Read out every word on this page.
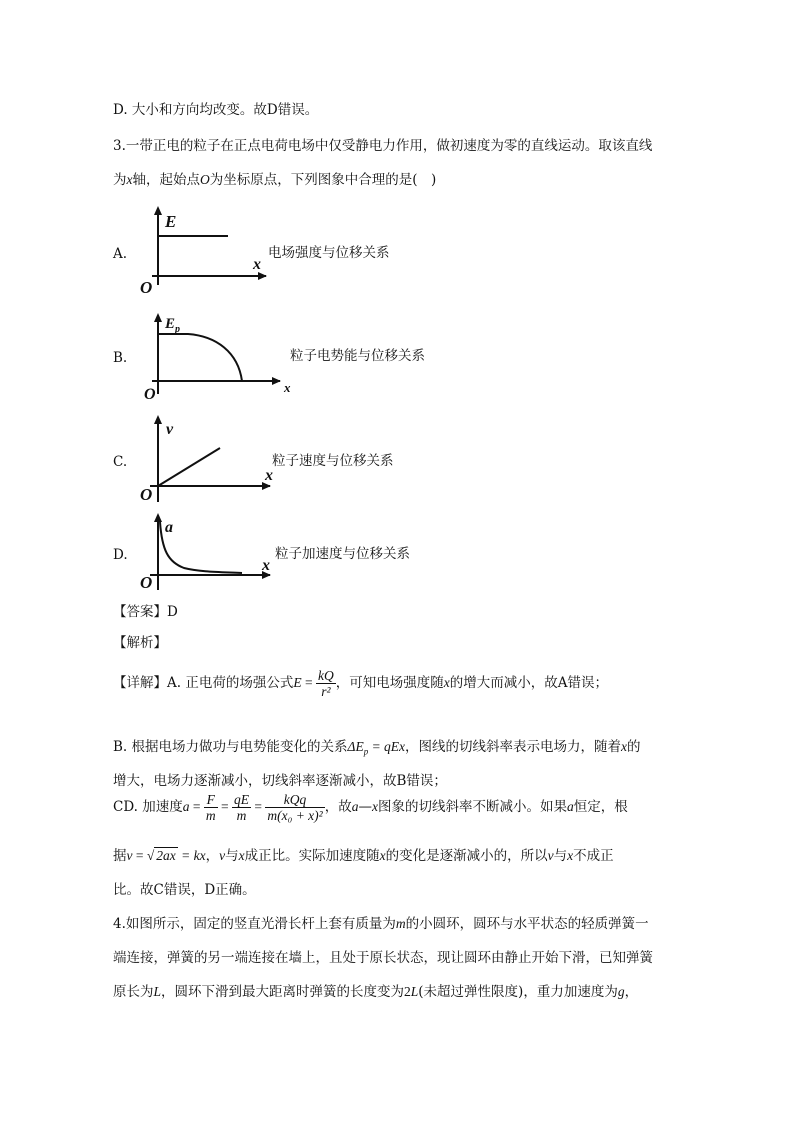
D. 大小和方向均改变。故D错误。
3.一带正电的粒子在正点电荷电场中仅受静电力作用，做初速度为零的直线运动。取该直线
为x轴，起始点O为坐标原点，下列图象中合理的是(　)
A.
E
x
O
电场强度与位移关系
B.
$E_p$
x
O
粒子电势能与位移关系
C.
v
x
O
粒子速度与位移关系
D.
a
x
O
粒子加速度与位移关系
【答案】D
【解析】
【详解】A. 正电荷的场强公式$E = \frac{kQ}{\text{r²}}$ ，可知电场强度随x的增大而减小，故A错误；
B. 根据电场力做功与电势能变化的关系$\Delta E_p$ = qEx，图线的切线斜率表示电场力，随着x的
增大，电场力逐渐减小，切线斜率逐渐减小，故B错误；
CD. 加速度$a = \frac{F}{m} = \frac{qE}{m} = \frac{\text{kQq}}{\text{m(x₀ + x)²}}$ ，故a—x图象的切线斜率不断减小。如果a恒定，根
据v = √ 2ax = kx，v与x成正比。实际加速度随x的变化是逐渐减小的，所以v与x不成正
比。故C错误，D正确。
4.如图所示，固定的竖直光滑长杆上套有质量为m的小圆环，圆环与水平状态的轻质弹簧一
端连接，弹簧的另一端连接在墙上，且处于原长状态，现让圆环由静止开始下滑，已知弹簧
原长为L，圆环下滑到最大距离时弹簧的长度变为2L(未超过弹性限度)，重力加速度为g，
